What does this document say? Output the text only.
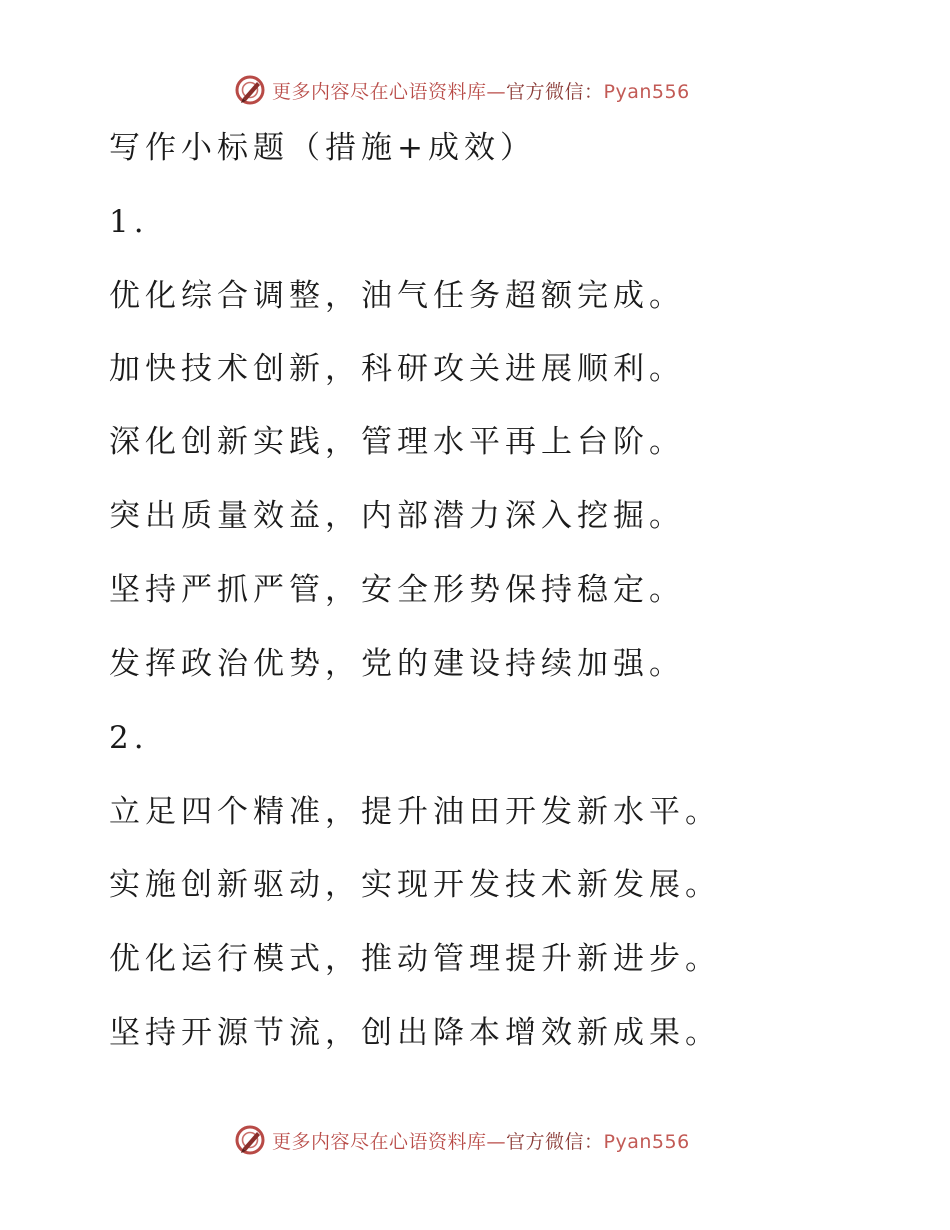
更多内容尽在心语资料库—官方微信：Pyan556
写作小标题（措施+成效）
1.
优化综合调整，油气任务超额完成。
加快技术创新，科研攻关进展顺利。
深化创新实践，管理水平再上台阶。
突出质量效益，内部潜力深入挖掘。
坚持严抓严管，安全形势保持稳定。
发挥政治优势，党的建设持续加强。
2.
立足四个精准，提升油田开发新水平。
实施创新驱动，实现开发技术新发展。
优化运行模式，推动管理提升新进步。
坚持开源节流，创出降本增效新成果。
更多内容尽在心语资料库—官方微信：Pyan556
